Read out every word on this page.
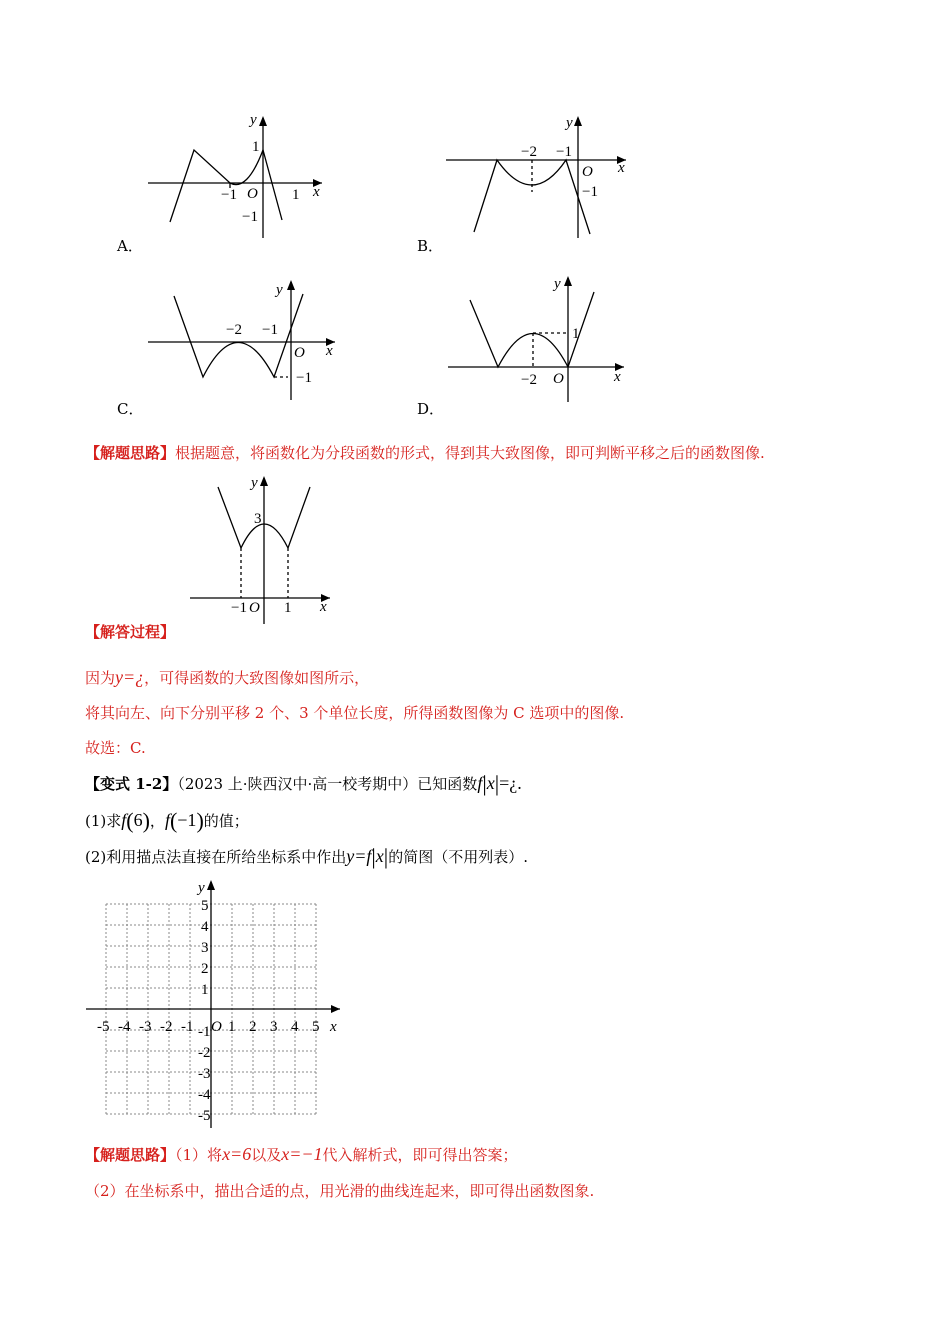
y
x
O
1
−1	1
−1
A．
y
x
O
−2 −1
−1
B．
y
x
O
−2 −1
−1
C．
y
x
O
1
−2
D．
【解题思路】根据题意，将函数化为分段函数的形式，得到其大致图像，即可判断平移之后的函数图像.
y
x
O
3
−1 1
【解答过程】
因为y=¿，可得函数的大致图像如图所示，
将其向左、向下分别平移 2 个、3 个单位长度，所得函数图像为 C 选项中的图像.
故选：C.
【变式 1-2】（2023 上·陕西汉中·高一校考期中）已知函数f|x|=¿.
(1)求f(6)，f(−1)的值；
(2)利用描点法直接在所给坐标系中作出y=f|x|的简图（不用列表）.
-5 -4 -3 -2 -1 1 2 3 4 5
5
4
3
2
1
-1
-2
-3
-4
-5
y
x
O
【解题思路】（1）将x=6以及x=−1代入解析式，即可得出答案；
（2）在坐标系中，描出合适的点，用光滑的曲线连起来，即可得出函数图象.
